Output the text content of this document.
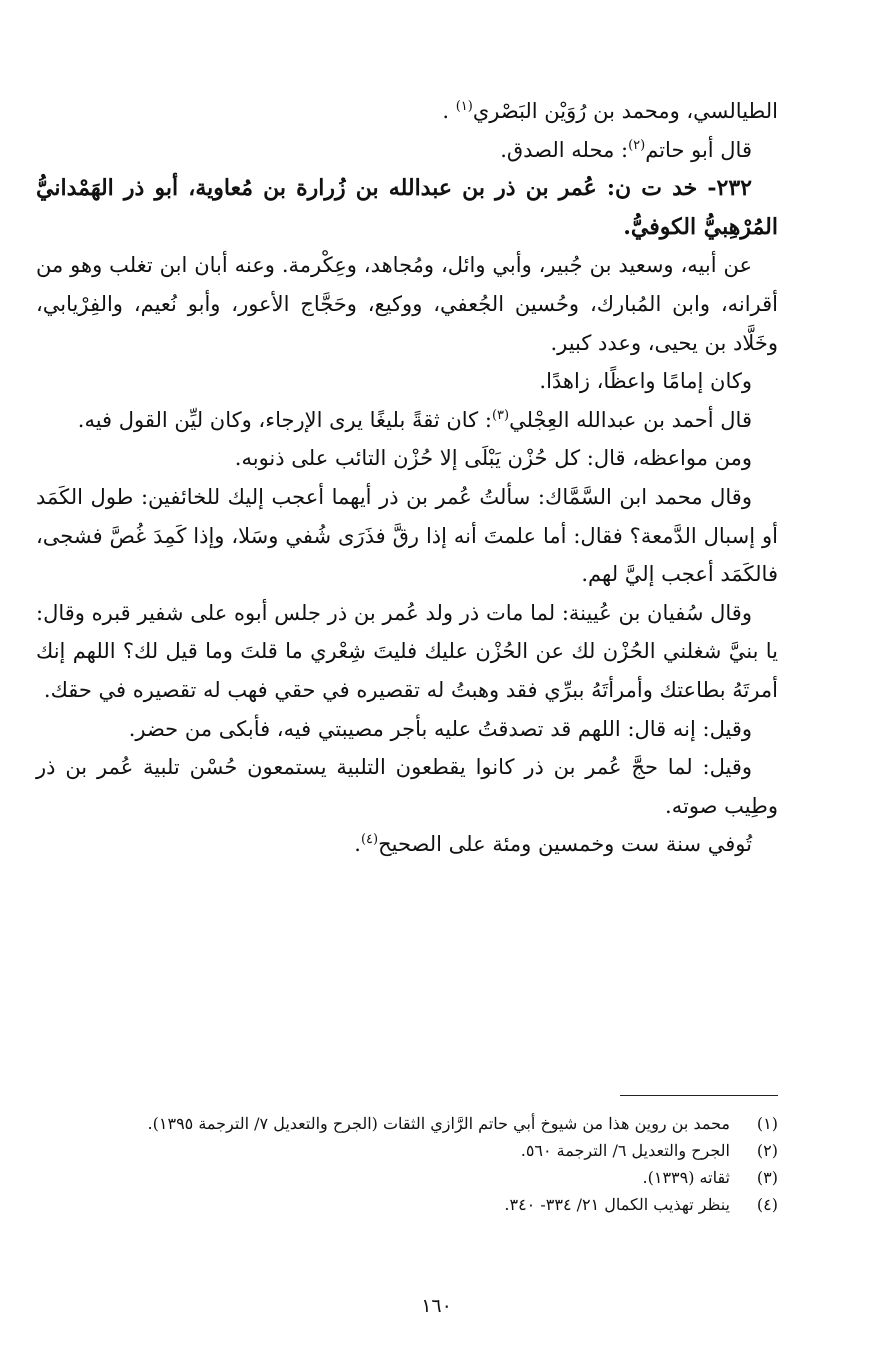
الطيالسي، ومحمد بن رُوَيْن البَصْري$^{(١)}$ .

قال أبو حاتم$^{(٢)}$: محله الصدق.

٢٣٢- خد ت ن: عُمر بن ذر بن عبدالله بن زُرارة بن مُعاوية، أبو ذر الهَمْدانيُّ المُرْهِبيُّ الكوفيُّ.

عن أبيه، وسعيد بن جُبير، وأبي وائل، ومُجاهد، وعِكْرمة. وعنه أبان ابن تغلب وهو من أقرانه، وابن المُبارك، وحُسين الجُعفي، ووكيع، وحَجَّاج الأعور، وأبو نُعيم، والفِرْيابي، وخَلَّاد بن يحيى، وعدد كبير.

وكان إمامًا واعظًا، زاهدًا.

قال أحمد بن عبدالله العِجْلي$^{(٣)}$: كان ثقةً بليغًا يرى الإرجاء، وكان ليِّن القول فيه.

ومن مواعظه، قال: كل حُزْن يَبْلَى إلا حُزْن التائب على ذنوبه.

وقال محمد ابن السَّمَّاك: سألتُ عُمر بن ذر أيهما أعجب إليك للخائفين: طول الكَمَد أو إسبال الدَّمعة؟ فقال: أما علمتَ أنه إذا رقَّ فذَرَى شُفي وسَلا، وإذا كَمِدَ غُصَّ فشجى، فالكَمَد أعجب إليَّ لهم.

وقال سُفيان بن عُيينة: لما مات ذر ولد عُمر بن ذر جلس أبوه على شفير قبره وقال: يا بنيَّ شغلني الحُزْن لك عن الحُزْن عليك فليتَ شِعْري ما قلتَ وما قيل لك؟ اللهم إنك أمرتَهُ بطاعتك وأمرأتَهُ ببرِّي فقد وهبتُ له تقصيره في حقي فهب له تقصيره في حقك.

وقيل: إنه قال: اللهم قد تصدقتُ عليه بأجر مصيبتي فيه، فأبكى من حضر.

وقيل: لما حجَّ عُمر بن ذر كانوا يقطعون التلبية يستمعون حُسْن تلبية عُمر بن ذر وطِيب صوته.

تُوفي سنة ست وخمسين ومئة على الصحيح$^{(٤)}$.

(١)
محمد بن روين هذا من شيوخ أبي حاتم الرَّازي الثقات (الجرح والتعديل ٧/ الترجمة ١٣٩٥).
(٢)
الجرح والتعديل ٦/ الترجمة ٥٦٠.
(٣)
ثقاته (١٣٣٩).
(٤)
ينظر تهذيب الكمال ٢١/ ٣٣٤- ٣٤٠.
١٦٠
